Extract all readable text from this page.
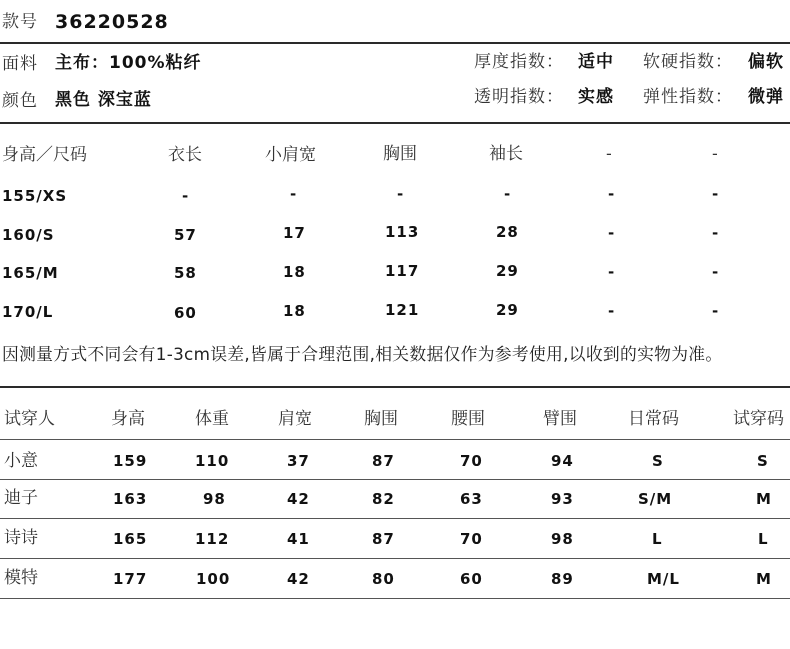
款号 36220528
面料 主布：100%粘纤
颜色 黑色 深宝蓝
厚度指数： 适中 软硬指数： 偏软
透明指数： 实感 弹性指数： 微弹
身高／尺码	衣长	小肩宽	胸围	袖长	-	-
155/XS	-	-	-	-	-	-
160/S	57	17	113	28	-	-
165/M	58	18	117	29	-	-
170/L	60	18	121	29	-	-
因测量方式不同会有1-3cm误差,皆属于合理范围,相关数据仅作为参考使用,以收到的实物为准。
试穿人	身高	体重	肩宽	胸围	腰围	臂围	日常码	试穿码
小意	159	110	37	87	70	94	S	S
迪子	163	98	42	82	63	93	S/M	M
诗诗	165	112	41	87	70	98	L	L
模特	177	100	42	80	60	89	M/L	M
